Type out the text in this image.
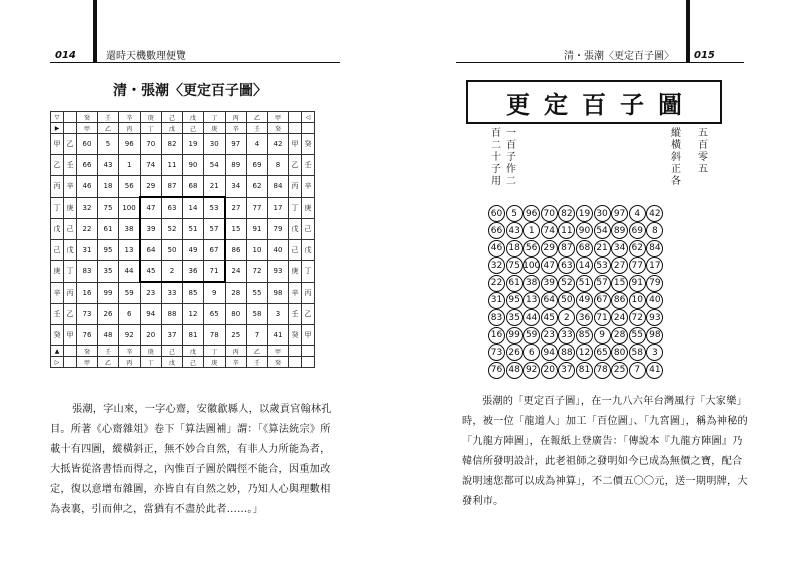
014	還時天機數理便覽
清・張潮〈更定百子圖〉
▽		癸	壬	辛	庚	己	戊	丁	丙	乙	甲		◁
▶		甲	乙	丙	丁	戊	己	庚	辛	壬	癸		
甲	乙	60	5	96	70	82	19	30	97	4	42	甲	癸
乙	壬	66	43	1	74	11	90	54	89	69	8	乙	壬
丙	辛	46	18	56	29	87	68	21	34	62	84	丙	辛
丁	庚	32	75	100	47	63	14	53	27	77	17	丁	庚
戊	己	22	61	38	39	52	51	57	15	91	79	戊	己
己	戊	31	95	13	64	50	49	67	86	10	40	己	戊
庚	丁	83	35	44	45	2	36	71	24	72	93	庚	丁
辛	丙	16	99	59	23	33	85	9	28	55	98	辛	丙
壬	乙	73	26	6	94	88	12	65	80	58	3	壬	乙
癸	甲	76	48	92	20	37	81	78	25	7	41	癸	甲
▲		癸	壬	辛	庚	己	戊	丁	丙	乙	甲		
▷		甲	乙	丙	丁	戊	己	庚	辛	壬	癸		
張潮，字山來，一字心齋，安徽歙縣人，以歲貢官翰林孔目。所著《心齋雜俎》卷下「算法圖補」謂：「《算法統宗》所載十有四圖，縱橫斜正，無不妙合自然，有非人力所能為者，大抵皆從洛書悟而得之，內惟百子圖於隅徑不能合，因重加改定，復以意增布雜圖，亦皆自有自然之妙，乃知人心與理數相為表裏，引而伸之，當猶有不盡於此者……。」
清・張潮〈更定百子圖〉 015
更定百子圖
五百零五
縱橫斜正各
一百子作二
百二十子用
60	5	96 70 82 19 30 97	4	42
66 43	1	74 11 90 54 89 69	8
46 18 56 29 87 68 21 34 62 84
32 75 100 47 63 14 53 27 77 17
22 61 38 39 52 51 57 15 91 79
31 95 13 64 50 49 67 86 10 40
83 35 44 45	2	36 71 24 72 93
16 99 59 23 33 85	9	28 55 98
73 26	6	94 88 12 65 80 58	3
76 48 92 20 37 81 78 25	7	41
張潮的「更定百子圖」，在一九八六年台灣風行「大家樂」時，被一位「龍道人」加工「百位圖」、「九宮圖」，稱為神秘的「九龍方陣圖」，在報紙上登廣告：「傳說本『九龍方陣圖』乃韓信所發明設計，此老祖師之發明如今已成為無價之寶，配合說明速您都可以成為神算」，不二價五〇〇元，送一期明牌，大發利市。
